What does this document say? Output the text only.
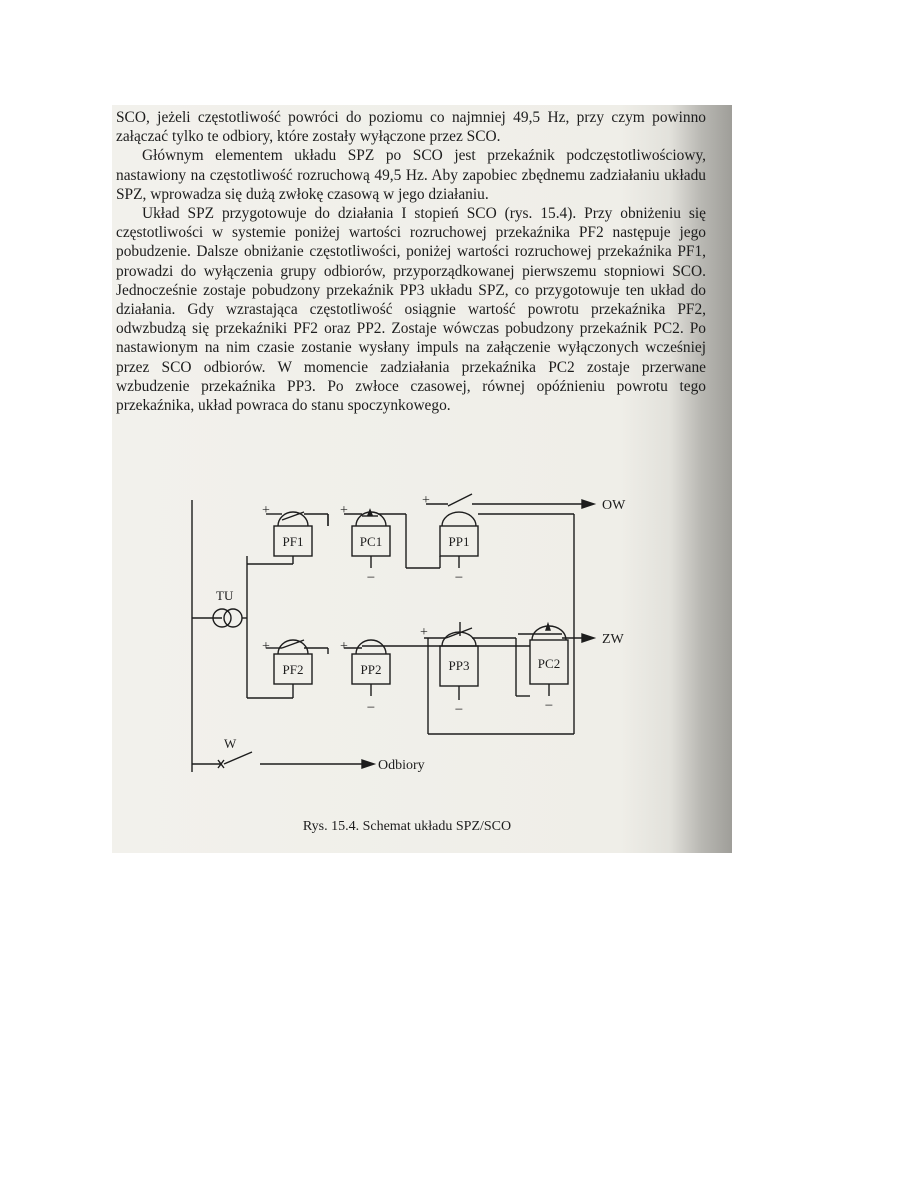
SCO, jeżeli częstotliwość powróci do poziomu co najmniej 49,5 Hz, przy czym powinno załączać tylko te odbiory, które zostały wyłączone przez SCO.

Głównym elementem układu SPZ po SCO jest przekaźnik podczęstotliwościowy, nastawiony na częstotliwość rozruchową 49,5 Hz. Aby zapobiec zbędnemu zadziałaniu układu SPZ, wprowadza się dużą zwłokę czasową w jego działaniu.

Układ SPZ przygotowuje do działania I stopień SCO (rys. 15.4). Przy obniżeniu się częstotliwości w systemie poniżej wartości rozruchowej przekaźnika PF2 następuje jego pobudzenie. Dalsze obniżanie częstotliwości, poniżej wartości rozruchowej przekaźnika PF1, prowadzi do wyłączenia grupy odbiorów, przyporządkowanej pierwszemu stopniowi SCO. Jednocześnie zostaje pobudzony przekaźnik PP3 układu SPZ, co przygotowuje ten układ do działania. Gdy wzrastająca częstotliwość osiągnie wartość powrotu przekaźnika PF2, odwzbudzą się przekaźniki PF2 oraz PP2. Zostaje wówczas pobudzony przekaźnik PC2. Po nastawionym na nim czasie zostanie wysłany impuls na załączenie wyłączonych wcześniej przez SCO odbiorów. W momencie zadziałania przekaźnika PC2 zostaje przerwane wzbudzenie przekaźnika PP3. Po zwłoce czasowej, równej opóźnieniu powrotu tego przekaźnika, układ powraca do stanu spoczynkowego.

TU
PF1
+
PC1
+
−
PP1
+
−
OW
PF2
+
PP2
+
−
PP3
+
−
PC2
−
ZW
W
Odbiory
Rys. 15.4. Schemat układu SPZ/SCO
